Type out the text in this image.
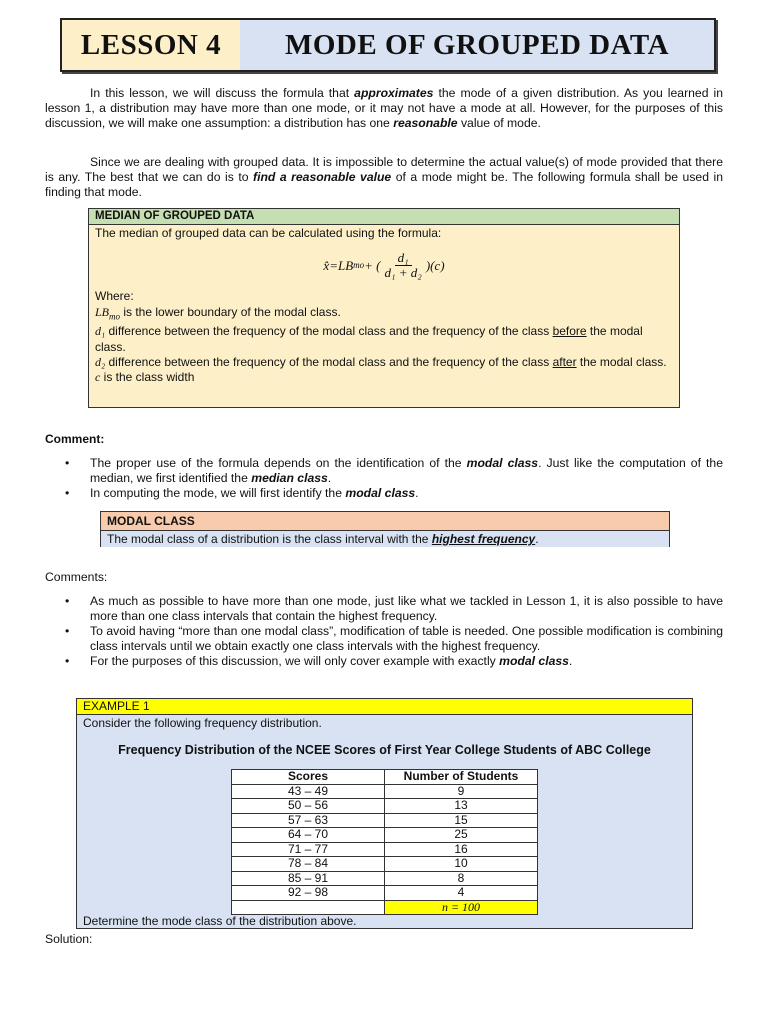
LESSON 4	MODE OF GROUPED DATA
In this lesson, we will discuss the formula that approximates the mode of a given distribution. As you learned in lesson 1, a distribution may have more than one mode, or it may not have a mode at all. However, for the purposes of this discussion, we will make one assumption: a distribution has one reasonable value of mode.
Since we are dealing with grouped data. It is impossible to determine the actual value(s) of mode provided that there is any. The best that we can do is to find a reasonable value of a mode might be. The following formula shall be used in finding that mode.
MEDIAN OF GROUPED DATA
The median of grouped data can be calculated using the formula:
x̂ = LB mo + ( $\frac{\text{d₁}}{\text{d₁ + d₂}} )(c)$
Where:
$LB_{mo}$ is the lower boundary of the modal class.
d₁ difference between the frequency of the modal class and the frequency of the class before the modal class.
d₂ difference between the frequency of the modal class and the frequency of the class after the modal class.
c is the class width
Comment:
• The proper use of the formula depends on the identification of the modal class. Just like the computation of the median, we first identified the median class.
• In computing the mode, we will first identify the modal class.
MODAL CLASS
The modal class of a distribution is the class interval with the highest frequency.
Comments:
• As much as possible to have more than one mode, just like what we tackled in Lesson 1, it is also possible to have more than one class intervals that contain the highest frequency.
• To avoid having “more than one modal class”, modification of table is needed. One possible modification is combining class intervals until we obtain exactly one class intervals with the highest frequency.
• For the purposes of this discussion, we will only cover example with exactly modal class.
EXAMPLE 1
Consider the following frequency distribution.
Frequency Distribution of the NCEE Scores of First Year College Students of ABC College
Scores	Number of Students
43 – 49	9
50 – 56	13
57 – 63	15
64 – 70	25
71 – 77	16
78 – 84	10
85 – 91	8
92 – 98	4
	n = 100
Determine the mode class of the distribution above.
Solution:
